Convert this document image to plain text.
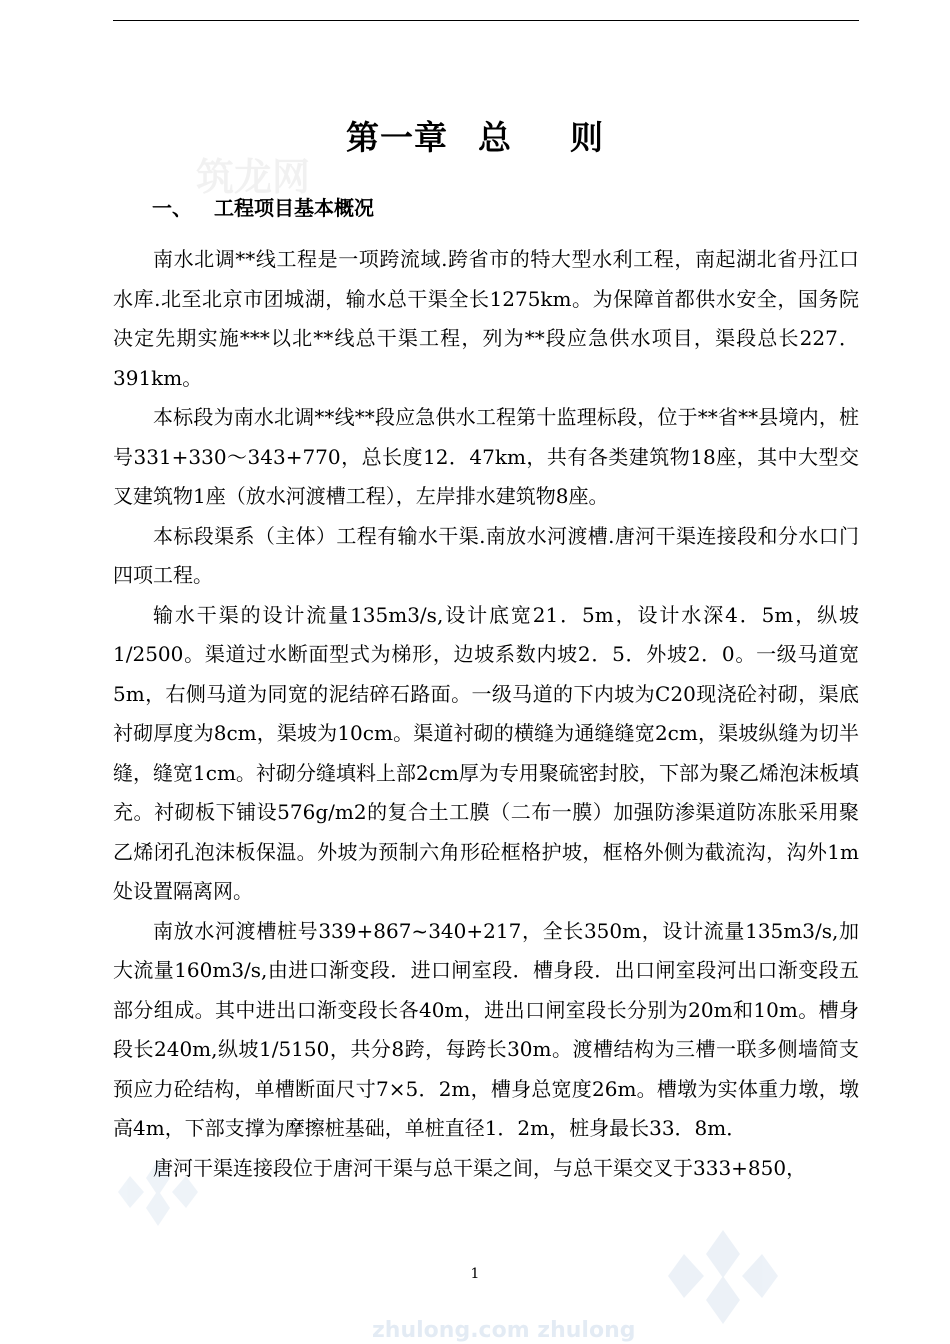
筑龙网
第一章 总 则
一、 工程项目基本概况

南水北调**线工程是一项跨流域.跨省市的特大型水利工程，南起湖北省丹江口水库.北至北京市团城湖，输水总干渠全长1275km。为保障首都供水安全，国务院决定先期实施***以北**线总干渠工程，列为**段应急供水项目，渠段总长227．391km。

本标段为南水北调**线**段应急供水工程第十监理标段，位于**省**县境内，桩号331+330～343+770，总长度12．47km，共有各类建筑物18座，其中大型交叉建筑物1座（放水河渡槽工程），左岸排水建筑物8座。

本标段渠系（主体）工程有输水干渠.南放水河渡槽.唐河干渠连接段和分水口门四项工程。

输水干渠的设计流量135m3/s,设计底宽21．5m，设计水深4．5m，纵坡1/2500。渠道过水断面型式为梯形，边坡系数内坡2．5．外坡2．0。一级马道宽5m，右侧马道为同宽的泥结碎石路面。一级马道的下内坡为C20现浇砼衬砌，渠底衬砌厚度为8cm，渠坡为10cm。渠道衬砌的横缝为通缝缝宽2cm，渠坡纵缝为切半缝，缝宽1cm。衬砌分缝填料上部2cm厚为专用聚硫密封胶，下部为聚乙烯泡沫板填充。衬砌板下铺设576g/m2的复合土工膜（二布一膜）加强防渗渠道防冻胀采用聚乙烯闭孔泡沫板保温。外坡为预制六角形砼框格护坡，框格外侧为截流沟，沟外1m处设置隔离网。

南放水河渡槽桩号339+867~340+217，全长350m，设计流量135m3/s,加大流量160m3/s,由进口渐变段．进口闸室段．槽身段．出口闸室段河出口渐变段五部分组成。其中进出口渐变段长各40m，进出口闸室段长分别为20m和10m。槽身段长240m,纵坡1/5150，共分8跨，每跨长30m。渡槽结构为三槽一联多侧墙简支预应力砼结构，单槽断面尺寸7×5．2m，槽身总宽度26m。槽墩为实体重力墩，墩高4m，下部支撑为摩擦桩基础，单桩直径1．2m，桩身最长33．8m．

唐河干渠连接段位于唐河干渠与总干渠之间，与总干渠交叉于333+850，

1
zhulong.com zhulong
